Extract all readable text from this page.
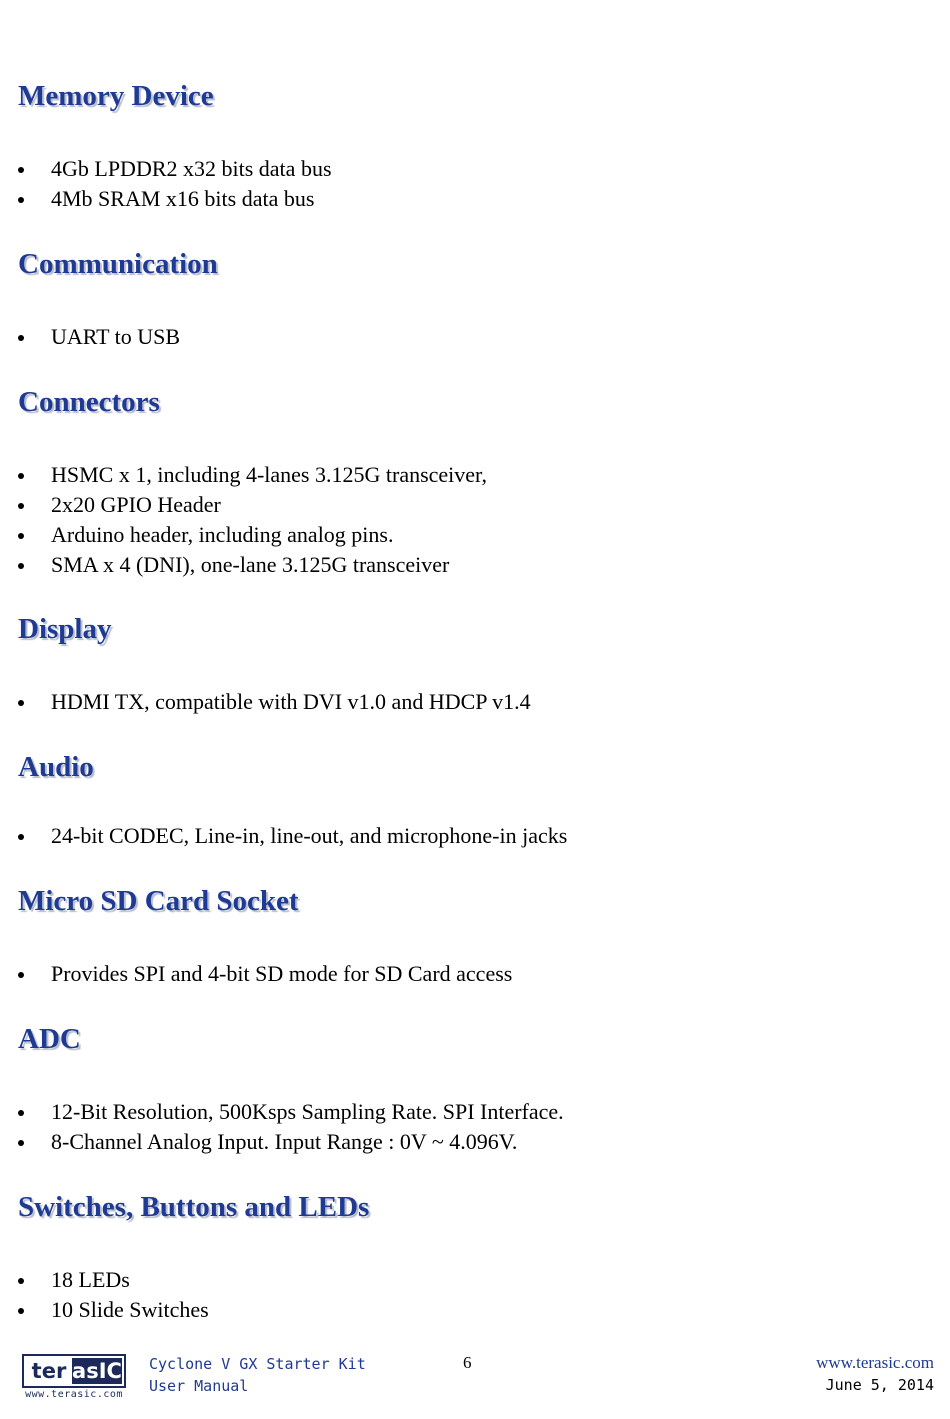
Memory Device
4Gb LPDDR2 x32 bits data bus
4Mb SRAM x16 bits data bus
Communication
UART to USB
Connectors
HSMC x 1, including 4-lanes 3.125G transceiver,
2x20 GPIO Header
Arduino header, including analog pins.
SMA x 4 (DNI), one-lane 3.125G transceiver
Display
HDMI TX, compatible with DVI v1.0 and HDCP v1.4
Audio
24-bit CODEC, Line-in, line-out, and microphone-in jacks
Micro SD Card Socket
Provides SPI and 4-bit SD mode for SD Card access
ADC
12-Bit Resolution, 500Ksps Sampling Rate. SPI Interface.
8-Channel Analog Input. Input Range : 0V ~ 4.096V.
Switches, Buttons and LEDs
18 LEDs
10 Slide Switches
ter asIC
www.terasic.com
Cyclone V GX Starter Kit
User Manual
6	www.terasic.com
June 5, 2014
